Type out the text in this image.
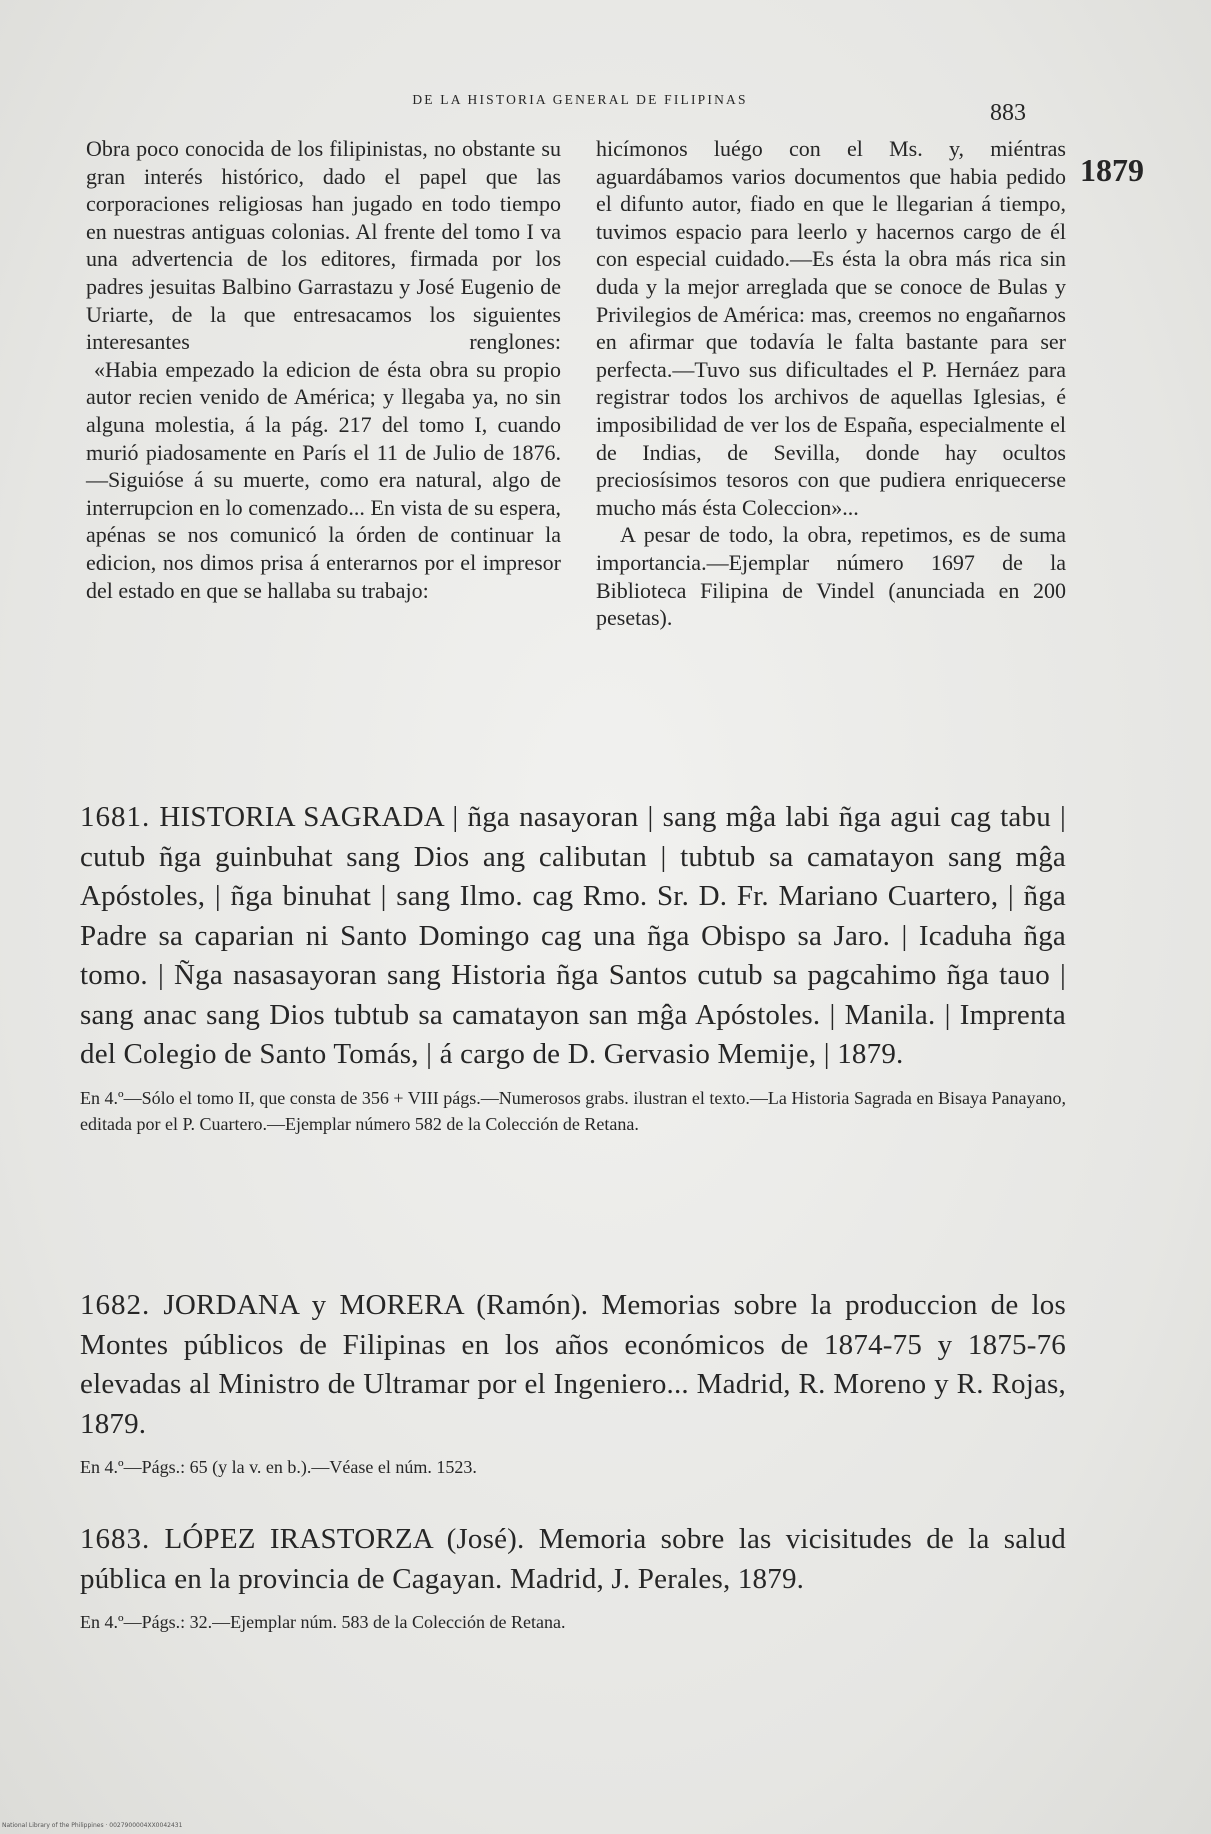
DE LA HISTORIA GENERAL DE FILIPINAS
883
1879

Obra poco conocida de los filipinistas, no obstante su gran interés histórico, dado el papel que las corporaciones religiosas han jugado en todo tiempo en nuestras antiguas colonias. Al frente del tomo I va una advertencia de los editores, firmada por los padres jesuitas Balbino Garrastazu y José Eugenio de Uriarte, de la que entresacamos los siguientes interesantes renglones:

«Habia empezado la edicion de ésta obra su propio autor recien venido de América; y llegaba ya, no sin alguna molestia, á la pág. 217 del tomo I, cuando murió piadosamente en París el 11 de Julio de 1876.—Siguióse á su muerte, como era natural, algo de interrupcion en lo comenzado... En vista de su espera, apénas se nos comunicó la órden de continuar la edicion, nos dimos prisa á enterarnos por el impresor del estado en que se hallaba su trabajo:

hicímonos luégo con el Ms. y, miéntras aguardábamos varios documentos que habia pedido el difunto autor, fiado en que le llegarian á tiempo, tuvimos espacio para leerlo y hacernos cargo de él con especial cuidado.—Es ésta la obra más rica sin duda y la mejor arreglada que se conoce de Bulas y Privilegios de América: mas, creemos no engañarnos en afirmar que todavía le falta bastante para ser perfecta.—Tuvo sus dificultades el P. Hernáez para registrar todos los archivos de aquellas Iglesias, é imposibilidad de ver los de España, especialmente el de Indias, de Sevilla, donde hay ocultos preciosísimos tesoros con que pudiera enriquecerse mucho más ésta Coleccion»...

A pesar de todo, la obra, repetimos, es de suma importancia.—Ejemplar número 1697 de la Biblioteca Filipina de Vindel (anunciada en 200 pesetas).

1681. HISTORIA SAGRADA | ñga nasayoran | sang mĝa labi ñga agui cag tabu | cutub ñga guinbuhat sang Dios ang calibutan | tubtub sa camatayon sang mĝa Apóstoles, | ñga binuhat | sang Ilmo. cag Rmo. Sr. D. Fr. Mariano Cuartero, | ñga Padre sa caparian ni Santo Domingo cag una ñga Obispo sa Jaro. | Icaduha ñga tomo. | Ñga nasasayoran sang Historia ñga Santos cutub sa pagcahimo ñga tauo | sang anac sang Dios tubtub sa camatayon san mĝa Apóstoles. | Manila. | Imprenta del Colegio de Santo Tomás, | á cargo de D. Gervasio Memije, | 1879.

En 4.º—Sólo el tomo II, que consta de 356 + VIII págs.—Numerosos grabs. ilustran el texto.—La Historia Sagrada en Bisaya Panayano, editada por el P. Cuartero.—Ejemplar número 582 de la Colección de Retana.

1682. JORDANA y MORERA (Ramón). Memorias sobre la produccion de los Montes públicos de Filipinas en los años económicos de 1874-75 y 1875-76 elevadas al Ministro de Ultramar por el Ingeniero... Madrid, R. Moreno y R. Rojas, 1879.

En 4.º—Págs.: 65 (y la v. en b.).—Véase el núm. 1523.

1683. LÓPEZ IRASTORZA (José). Memoria sobre las vicisitudes de la salud pública en la provincia de Cagayan. Madrid, J. Perales, 1879.

En 4.º—Págs.: 32.—Ejemplar núm. 583 de la Colección de Retana.

National Library of the Philippines · 0027900004XX0042431
